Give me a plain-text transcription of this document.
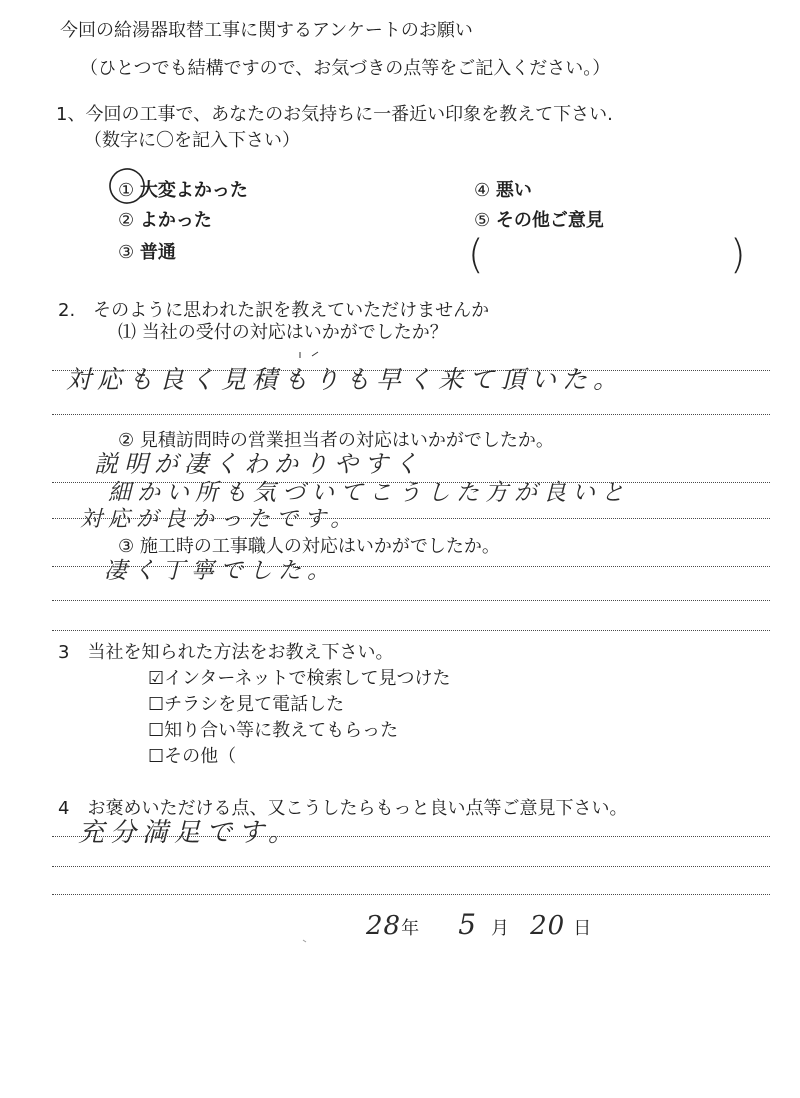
今回の給湯器取替工事に関するアンケートのお願い
（ひとつでも結構ですので、お気づきの点等をご記入ください。）
1、今回の工事で、あなたのお気持ちに一番近い印象を教えて下さい.
（数字に〇を記入下さい）
① 大変よかった
② よかった
③ 普通
④ 悪い
⑤ その他ご意見
(	)
2.　そのように思われた訳を教えていただけませんか
⑴ 当社の受付の対応はいかがでしたか？
対応も良く見積もりも早く来て頂いた。
② 見積訪問時の営業担当者の対応はいかがでしたか。
説明が凄くわかりやすく
細かい所も気づいてこうした方が良いと
対応が良かったです。
③ 施工時の工事職人の対応はいかがでしたか。
凄く丁寧でした。
3　当社を知られた方法をお教え下さい。
☑インターネットで検索して見つけた
☐チラシを見て電話した
☐知り合い等に教えてもらった
☐その他（
4　お褒めいただける点、又こうしたらもっと良い点等ご意見下さい。
充分満足です。
28年 5 月 20 日
